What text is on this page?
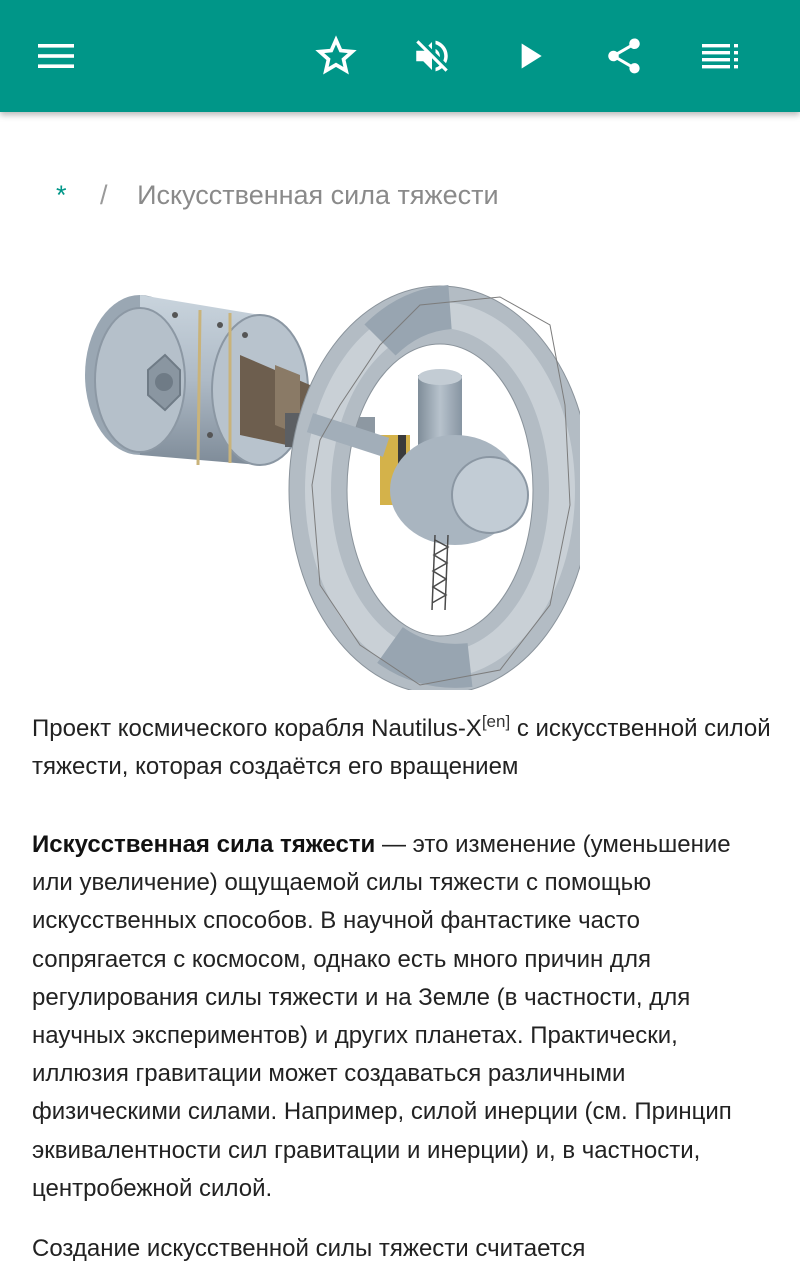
* / Искусственная сила тяжести
Проект космического корабля Nautilus-X[en] с искусственной силой тяжести, которая создаётся его вращением

Искусственная сила тяжести — это изменение (уменьшение или увеличение) ощущаемой силы тяжести с помощью искусственных способов. В научной фантастике часто сопрягается с космосом, однако есть много причин для регулирования силы тяжести и на Земле (в частности, для научных экспериментов) и других планетах. Практически, иллюзия гравитации может создаваться различными физическими силами. Например, силой инерции (см. Принцип эквивалентности сил гравитации и инерции) и, в частности, центробежной силой.

Создание искусственной силы тяжести считается
